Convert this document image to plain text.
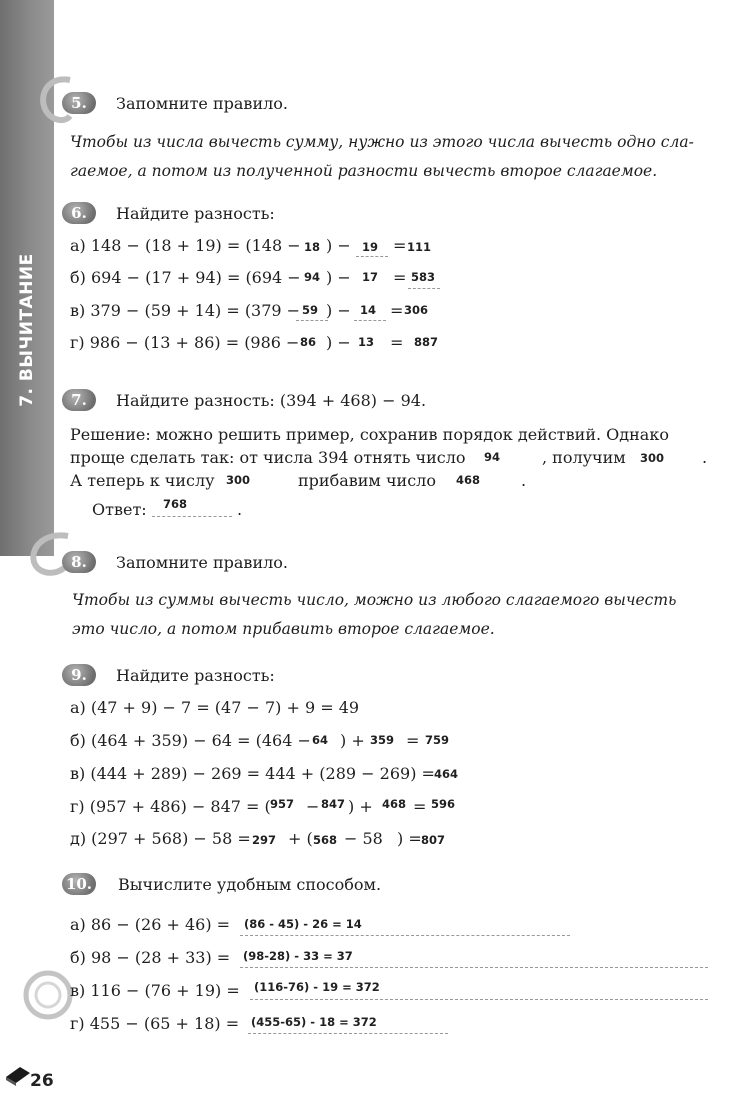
7. ВЫЧИТАНИЕ
5.	Запомните правило.
Чтобы из числа вычесть сумму, нужно из этого числа вычесть одно сла-
гаемое, а потом из полученной разности вычесть второе слагаемое.
6.	Найдите разность:
а) 148 − (18 + 19) = (148 − 18 ) − 19 = 111
б) 694 − (17 + 94) = (694 − 94 ) − 17 = 583
в) 379 − (59 + 14) = (379 − 59 ) − 14 = 306
г) 986 − (13 + 86) = (986 − 86 ) − 13 = 887
7.	Найдите разность: (394 + 468) − 94.
Решение: можно решить пример, сохранив порядок действий. Однако
проще сделать так: от числа 394 отнять число 94	, получим 300 .
А теперь к числу 300	прибавим число 468	.
Ответ: 768	.
8.	Запомните правило.
Чтобы из суммы вычесть число, можно из любого слагаемого вычесть
это число, а потом прибавить второе слагаемое.
9.	Найдите разность:
а) (47 + 9) − 7 = (47 − 7) + 9 = 49
б) (464 + 359) − 64 = (464 − 64 ) + 359 = 759
в) (444 + 289) − 269 = 444 + (289 − 269) = 464
г) (957 + 486) − 847 = ( 957 − 847 ) + 468 = 596
д) (297 + 568) − 58 = 297 + ( 568 − 58 ) = 807
10. Вычислите удобным способом.
а) 86 − (26 + 46) = (86 - 45) - 26 = 14
б) 98 − (28 + 33) = (98-28) - 33 = 37
в) 116 − (76 + 19) = (116-76) - 19 = 372
г) 455 − (65 + 18) = (455-65) - 18 = 372
26
